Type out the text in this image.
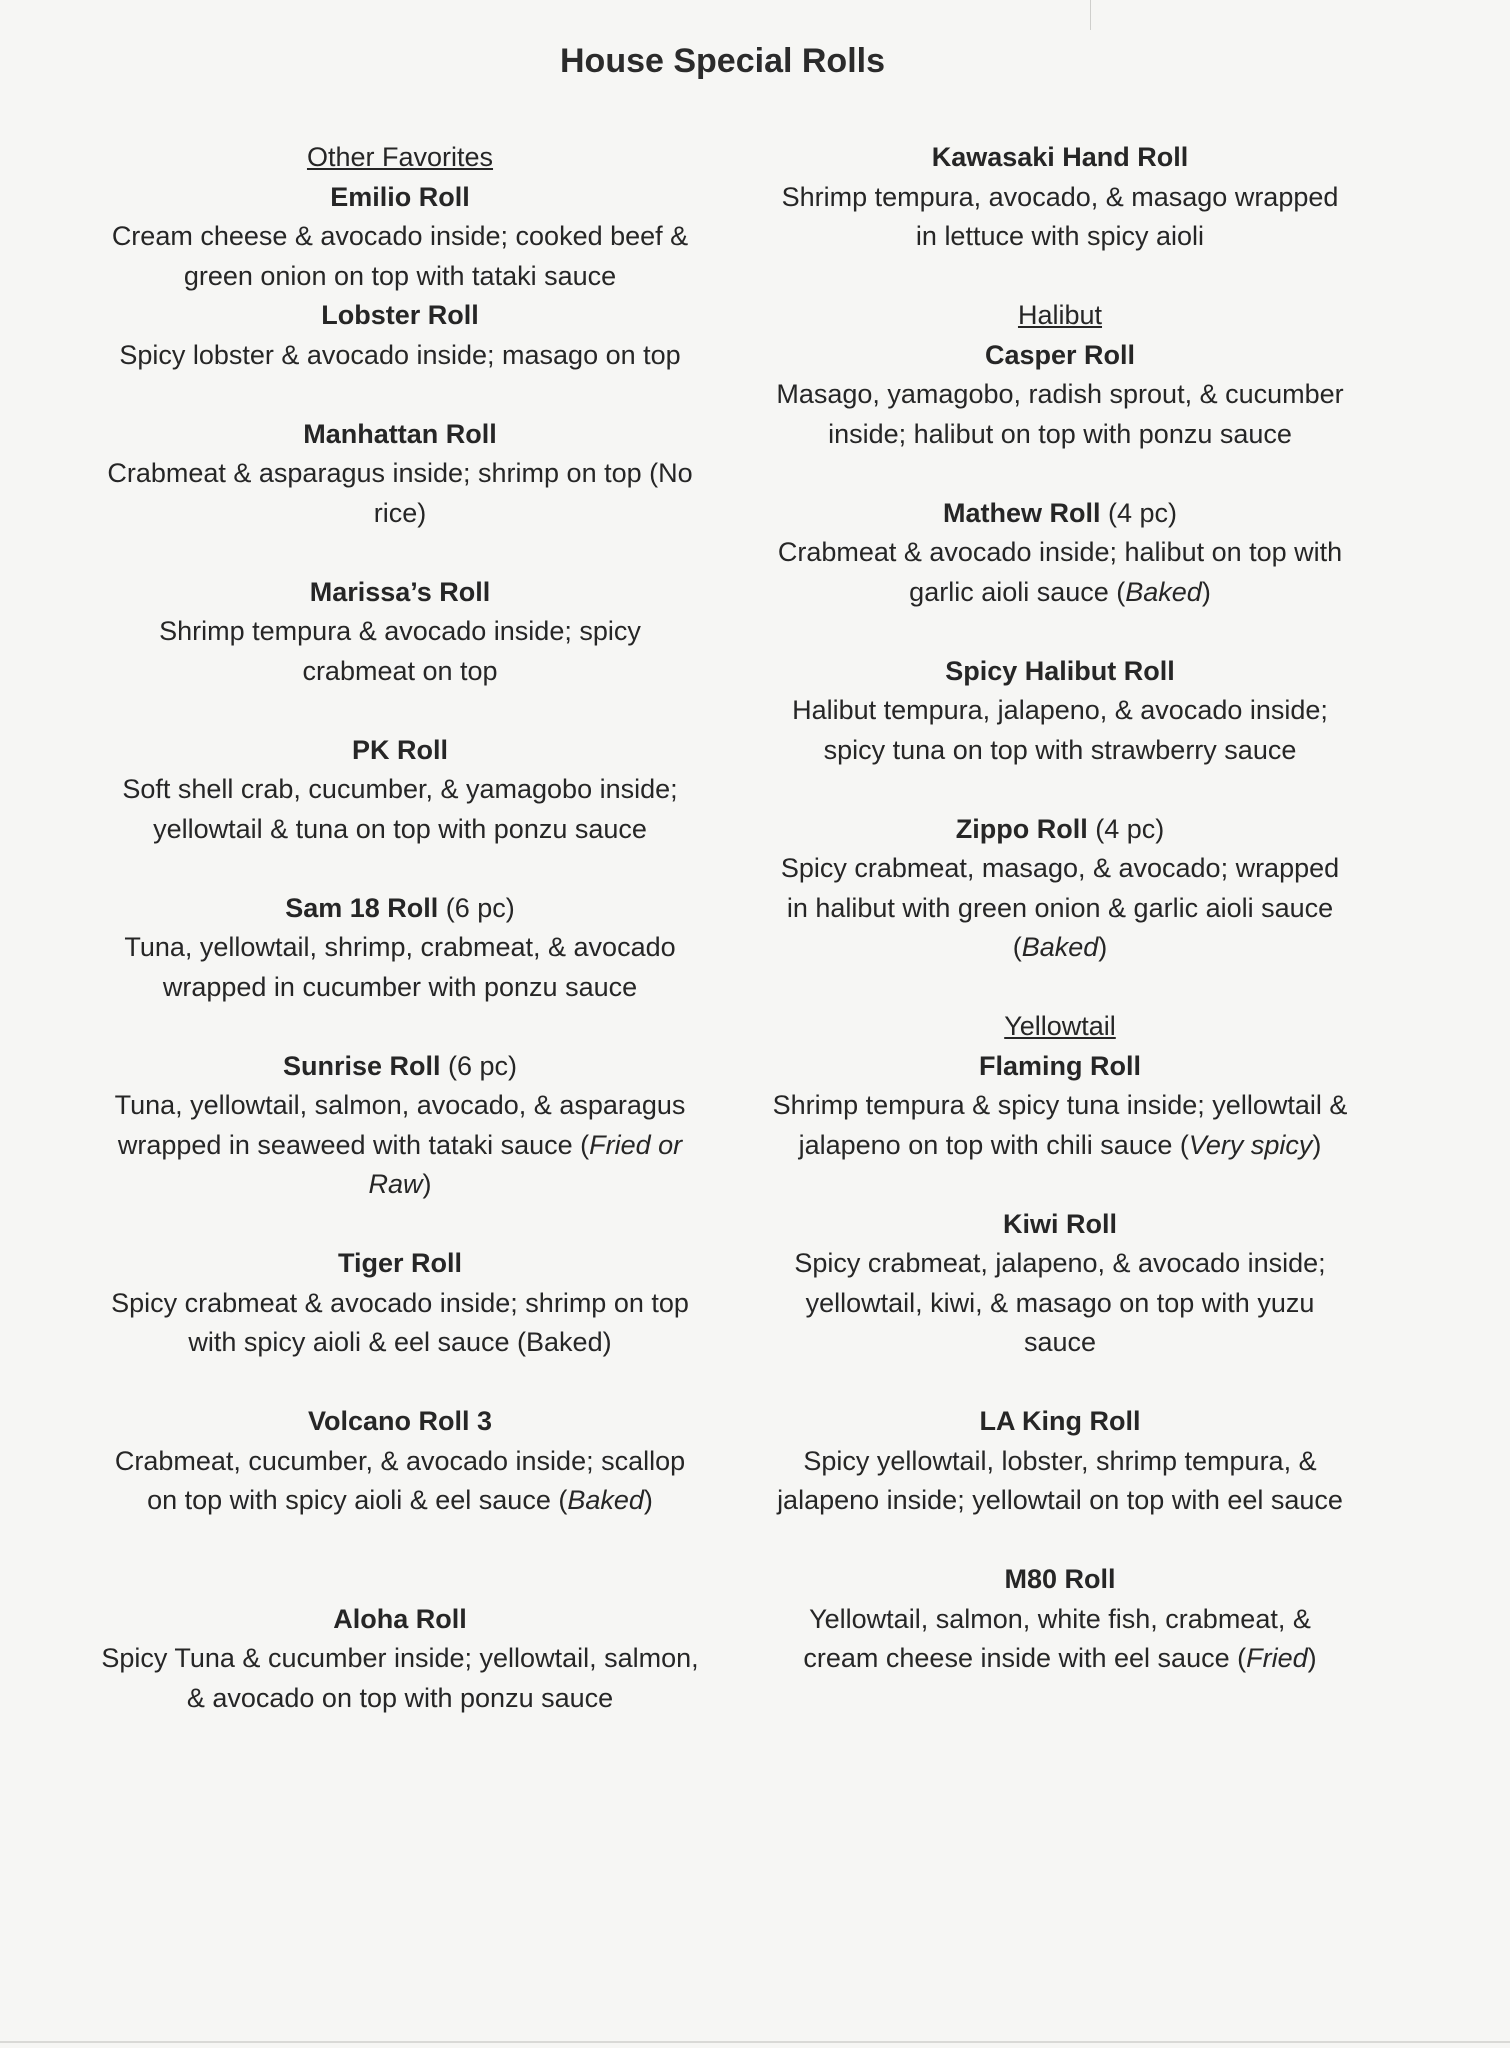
House Special Rolls
Other Favorites
Emilio Roll
Cream cheese & avocado inside; cooked beef & green onion on top with tataki sauce
Lobster Roll
Spicy lobster & avocado inside; masago on top
Manhattan Roll
Crabmeat & asparagus inside; shrimp on top (No rice)
Marissa’s Roll
Shrimp tempura & avocado inside; spicy crabmeat on top
PK Roll
Soft shell crab, cucumber, & yamagobo inside; yellowtail & tuna on top with ponzu sauce
Sam 18 Roll (6 pc)
Tuna, yellowtail, shrimp, crabmeat, & avocado wrapped in cucumber with ponzu sauce
Sunrise Roll (6 pc)
Tuna, yellowtail, salmon, avocado, & asparagus wrapped in seaweed with tataki sauce (Fried or Raw)
Tiger Roll
Spicy crabmeat & avocado inside; shrimp on top with spicy aioli & eel sauce (Baked)
Volcano Roll 3
Crabmeat, cucumber, & avocado inside; scallop on top with spicy aioli & eel sauce (Baked)
Aloha Roll
Spicy Tuna & cucumber inside; yellowtail, salmon, & avocado on top with ponzu sauce
Kawasaki Hand Roll
Shrimp tempura, avocado, & masago wrapped in lettuce with spicy aioli
Halibut
Casper Roll
Masago, yamagobo, radish sprout, & cucumber inside; halibut on top with ponzu sauce
Mathew Roll (4 pc)
Crabmeat & avocado inside; halibut on top with garlic aioli sauce (Baked)
Spicy Halibut Roll
Halibut tempura, jalapeno, & avocado inside; spicy tuna on top with strawberry sauce
Zippo Roll (4 pc)
Spicy crabmeat, masago, & avocado; wrapped in halibut with green onion & garlic aioli sauce (Baked)
Yellowtail
Flaming Roll
Shrimp tempura & spicy tuna inside; yellowtail & jalapeno on top with chili sauce (Very spicy)
Kiwi Roll
Spicy crabmeat, jalapeno, & avocado inside; yellowtail, kiwi, & masago on top with yuzu sauce
LA King Roll
Spicy yellowtail, lobster, shrimp tempura, & jalapeno inside; yellowtail on top with eel sauce
M80 Roll
Yellowtail, salmon, white fish, crabmeat, & cream cheese inside with eel sauce (Fried)
